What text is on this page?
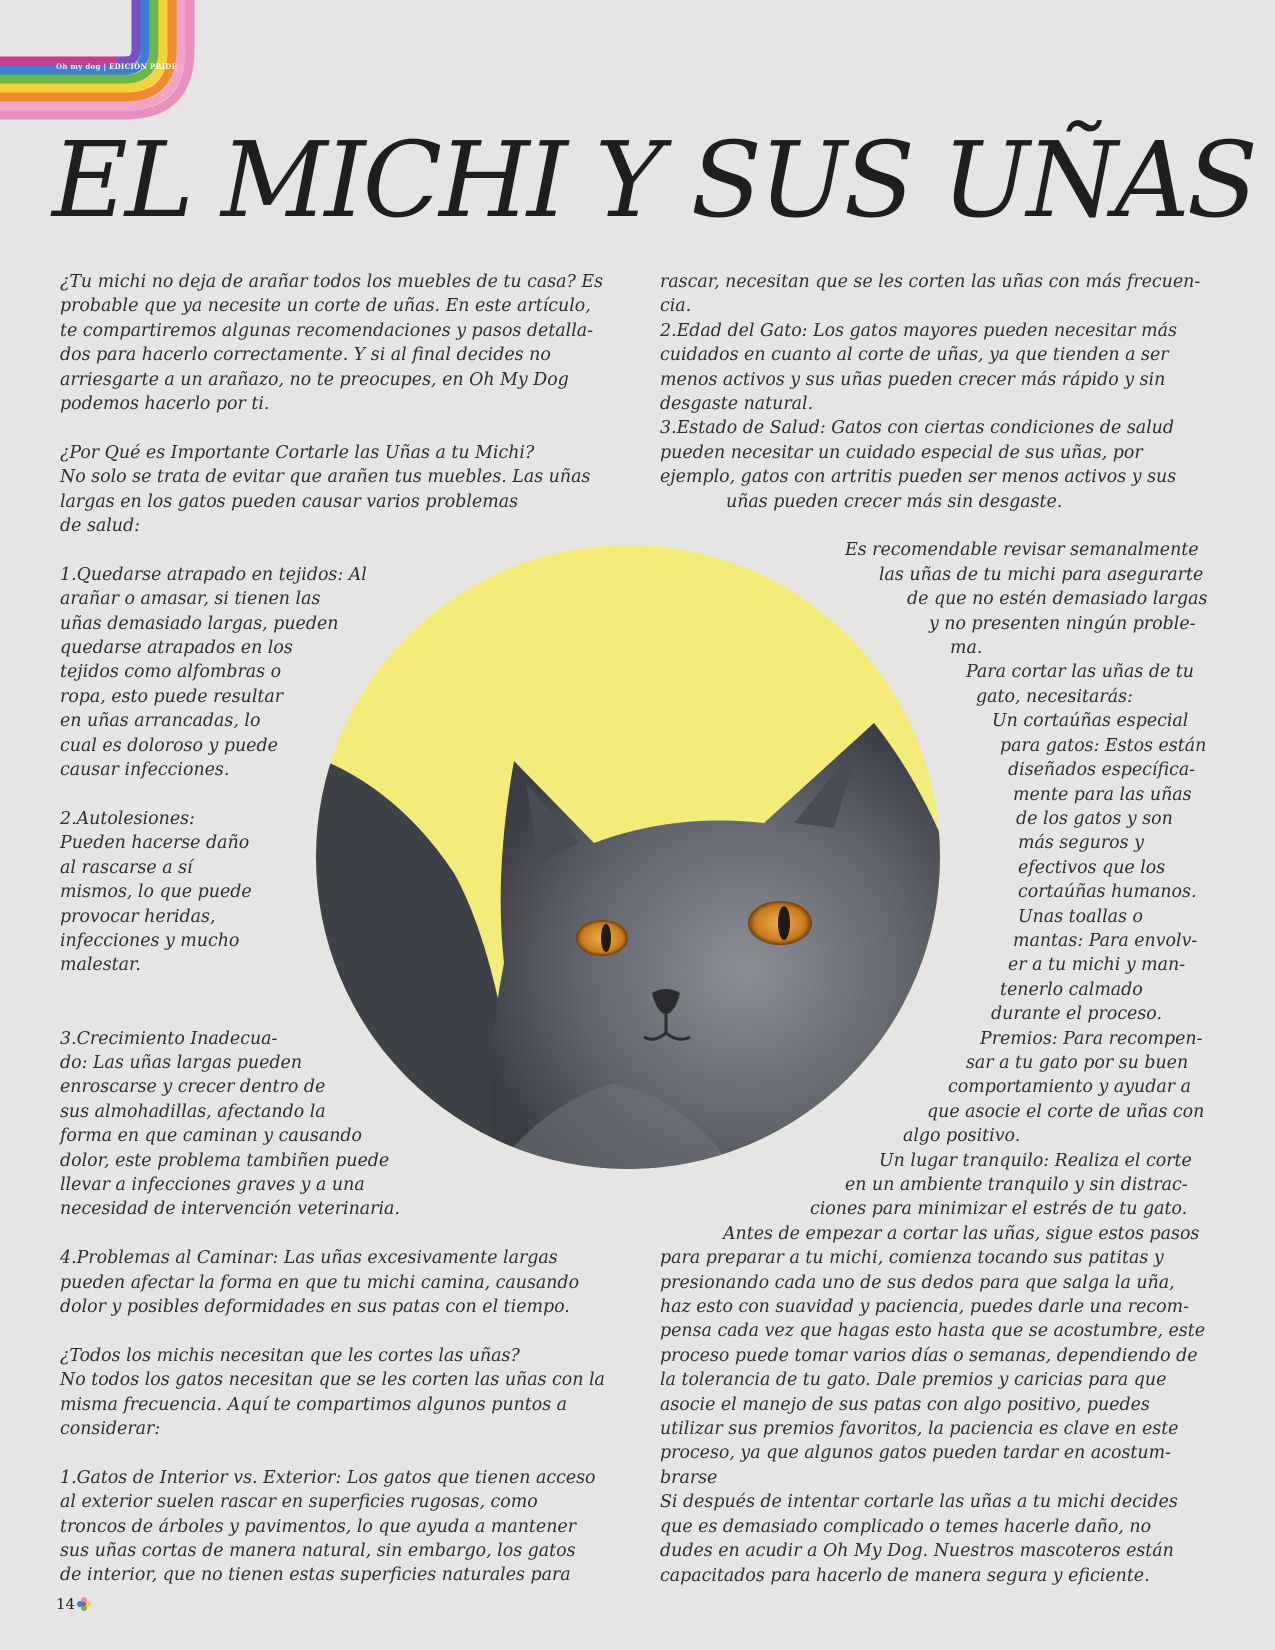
Oh my dog | EDICIÓN PRIDE
EL MICHI Y SUS UÑAS

¿Tu michi no deja de arañar todos los muebles de tu casa? Es

probable que ya necesite un corte de uñas. En este artículo,

te compartiremos algunas recomendaciones y pasos detalla-

dos para hacerlo correctamente. Y si al final decides no

arriesgarte a un arañazo, no te preocupes, en Oh My Dog

podemos hacerlo por ti.

¿Por Qué es Importante Cortarle las Uñas a tu Michi?

No solo se trata de evitar que arañen tus muebles. Las uñas

largas en los gatos pueden causar varios problemas

de salud:

1.Quedarse atrapado en tejidos: Al

arañar o amasar, si tienen las

uñas demasiado largas, pueden

quedarse atrapados en los

tejidos como alfombras o

ropa, esto puede resultar

en uñas arrancadas, lo

cual es doloroso y puede

causar infecciones.

2.Autolesiones:

Pueden hacerse daño

al rascarse a sí

mismos, lo que puede

provocar heridas,

infecciones y mucho

malestar.

3.Crecimiento Inadecua-

do: Las uñas largas pueden

enroscarse y crecer dentro de

sus almohadillas, afectando la

forma en que caminan y causando

dolor, este problema tambiñen puede

llevar a infecciones graves y a una

necesidad de intervención veterinaria.

4.Problemas al Caminar: Las uñas excesivamente largas

pueden afectar la forma en que tu michi camina, causando

dolor y posibles deformidades en sus patas con el tiempo.

¿Todos los michis necesitan que les cortes las uñas?

No todos los gatos necesitan que se les corten las uñas con la

misma frecuencia. Aquí te compartimos algunos puntos a

considerar:

1.Gatos de Interior vs. Exterior: Los gatos que tienen acceso

al exterior suelen rascar en superficies rugosas, como

troncos de árboles y pavimentos, lo que ayuda a mantener

sus uñas cortas de manera natural, sin embargo, los gatos

de interior, que no tienen estas superficies naturales para

rascar, necesitan que se les corten las uñas con más frecuen-

cia.

2.Edad del Gato: Los gatos mayores pueden necesitar más

cuidados en cuanto al corte de uñas, ya que tienden a ser

menos activos y sus uñas pueden crecer más rápido y sin

desgaste natural.

3.Estado de Salud: Gatos con ciertas condiciones de salud

pueden necesitar un cuidado especial de sus uñas, por

ejemplo, gatos con artritis pueden ser menos activos y sus

uñas pueden crecer más sin desgaste.

Es recomendable revisar semanalmente

las uñas de tu michi para asegurarte

de que no estén demasiado largas

y no presenten ningún proble-

ma.

Para cortar las uñas de tu

gato, necesitarás:

Un cortaúñas especial

para gatos: Estos están

diseñados específica-

mente para las uñas

de los gatos y son

más seguros y

efectivos que los

cortaúñas humanos.

Unas toallas o

mantas: Para envolv-

er a tu michi y man-

tenerlo calmado

durante el proceso.

Premios: Para recompen-

sar a tu gato por su buen

comportamiento y ayudar a

que asocie el corte de uñas con

algo positivo.

Un lugar tranquilo: Realiza el corte

en un ambiente tranquilo y sin distrac-

ciones para minimizar el estrés de tu gato.

Antes de empezar a cortar las uñas, sigue estos pasos

para preparar a tu michi, comienza tocando sus patitas y

presionando cada uno de sus dedos para que salga la uña,

haz esto con suavidad y paciencia, puedes darle una recom-

pensa cada vez que hagas esto hasta que se acostumbre, este

proceso puede tomar varios días o semanas, dependiendo de

la tolerancia de tu gato. Dale premios y caricias para que

asocie el manejo de sus patas con algo positivo, puedes

utilizar sus premios favoritos, la paciencia es clave en este

proceso, ya que algunos gatos pueden tardar en acostum-

brarse

Si después de intentar cortarle las uñas a tu michi decides

que es demasiado complicado o temes hacerle daño, no

dudes en acudir a Oh My Dog. Nuestros mascoteros están

capacitados para hacerlo de manera segura y eficiente.

14
